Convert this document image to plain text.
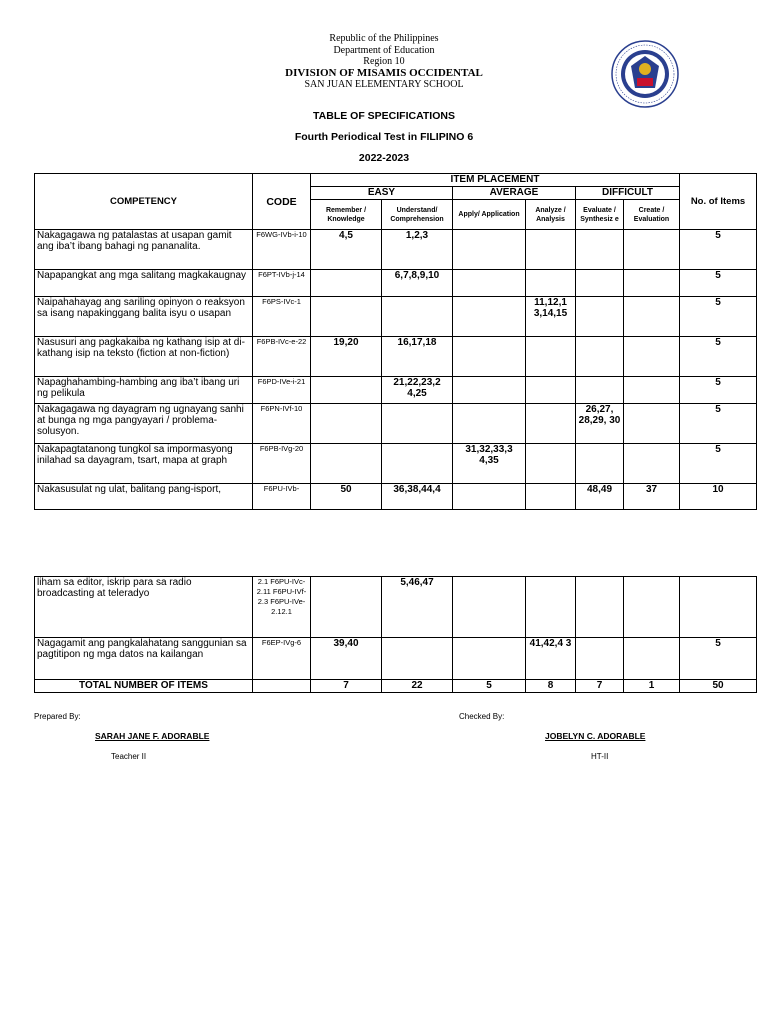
Republic of the Philippines
Department of Education
Region 10
DIVISION OF MISAMIS OCCIDENTAL
SAN JUAN ELEMENTARY SCHOOL
TABLE OF SPECIFICATIONS
Fourth Periodical Test in FILIPINO 6
2022-2023
COMPETENCY	CODE	ITEM PLACEMENT						No. of Items
		EASY		AVERAGE		DIFFICULT		
		Remember / Knowledge	Understand/ Comprehension	Apply/ Application	Analyze / Analysis	Evaluate / Synthesiz e	Create / Evaluation	
Nakagagawa ng patalastas at usapan gamit ang iba’t ibang bahagi ng pananalita.	F6WG-IVb-i-10	4,5	1,2,3					5
Napapangkat ang mga salitang magkakaugnay	F6PT-IVb-j-14		6,7,8,9,10					5
Naipahahayag ang sariling opinyon o reaksyon sa isang napakinggang balita isyu o usapan	F6PS-IVc-1				11,12,1 3,14,15			5
Nasusuri ang pagkakaiba ng kathang isip at di-kathang isip na teksto (fiction at non-fiction)	F6PB-IVc-e-22	19,20	16,17,18					5
Napaghahambing-hambing ang iba’t ibang uri ng pelikula	F6PD-IVe-i-21		21,22,23,2 4,25					5
Nakagagawa ng dayagram ng ugnayang sanhi at bunga ng mga pangyayari / problema-solusyon.	F6PN-IVf-10					26,27, 28,29, 30		5
Nakapagtatanong tungkol sa impormasyong inilahad sa dayagram, tsart, mapa at graph	F6PB-IVg-20			31,32,33,3 4,35				5
Nakasusulat ng ulat, balitang pang-isport,	F6PU-IVb-	50	36,38,44,4			48,49	37	10
liham sa editor, iskrip para sa radio broadcasting at teleradyo	2.1 F6PU-IVc-2.11 F6PU-IVf-2.3 F6PU-IVe-2.12.1		5,46,47					
Nagagamit ang pangkalahatang sanggunian sa pagtitipon ng mga datos na kailangan	F6EP-IVg-6	39,40			41,42,4 3			5
TOTAL NUMBER OF ITEMS		7	22	5	8	7	1	50
Prepared By:
SARAH JANE F. ADORABLE
Teacher II
Checked By:
JOBELYN C. ADORABLE
HT-II
